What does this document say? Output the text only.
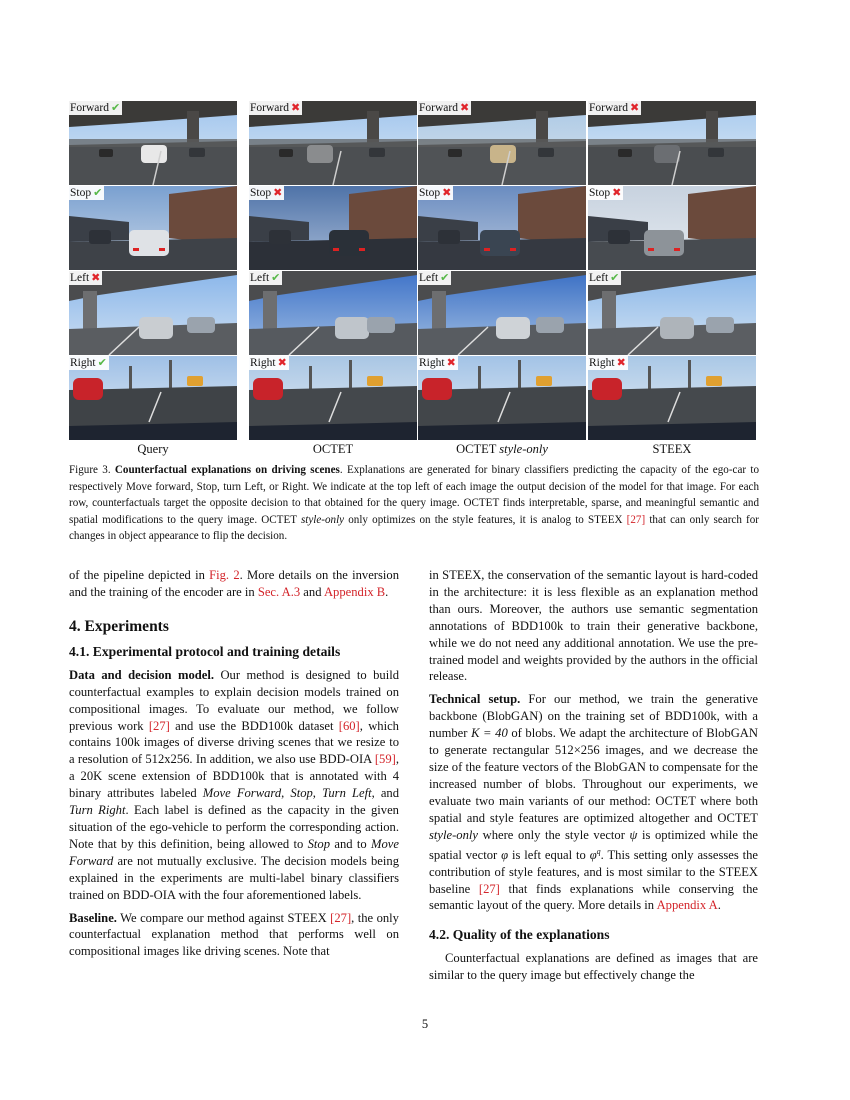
Forward ✔	Forward ✖	Forward ✖	Forward ✖
Stop ✔	Stop ✖	Stop ✖	Stop ✖
Left ✖	Left ✔	Left ✔	Left ✔
Right ✔	Right ✖	Right ✖	Right ✖
Query	OCTET	OCTET style-only	STEEX
Figure 3. Counterfactual explanations on driving scenes. Explanations are generated for binary classifiers predicting the capacity of the ego-car to respectively Move forward, Stop, turn Left, or Right. We indicate at the top left of each image the output decision of the model for that image. For each row, counterfactuals target the opposite decision to that obtained for the query image. OCTET finds interpretable, sparse, and meaningful semantic and spatial modifications to the query image. OCTET style-only only optimizes on the style features, it is analog to STEEX [27] that can only search for changes in object appearance to flip the decision.

of the pipeline depicted in Fig. 2. More details on the inversion and the training of the encoder are in Sec. A.3 and Appendix B.

4. Experiments
4.1. Experimental protocol and training details

Data and decision model. Our method is designed to build counterfactual examples to explain decision models trained on compositional images. To evaluate our method, we follow previous work [27] and use the BDD100k dataset [60], which contains 100k images of diverse driving scenes that we resize to a resolution of 512x256. In addition, we also use BDD-OIA [59], a 20K scene extension of BDD100k that is annotated with 4 binary attributes labeled Move Forward, Stop, Turn Left, and Turn Right. Each label is defined as the capacity in the given situation of the ego-vehicle to perform the corresponding action. Note that by this definition, being allowed to Stop and to Move Forward are not mutually exclusive. The decision models being explained in the experiments are multi-label binary classifiers trained on BDD-OIA with the four aforementioned labels.

Baseline. We compare our method against STEEX [27], the only counterfactual explanation method that performs well on compositional images like driving scenes. Note that

in STEEX, the conservation of the semantic layout is hard-coded in the architecture: it is less flexible as an explanation method than ours. Moreover, the authors use semantic segmentation annotations of BDD100k to train their generative backbone, while we do not need any additional annotation. We use the pre-trained model and weights provided by the authors in the official release.

Technical setup. For our method, we train the generative backbone (BlobGAN) on the training set of BDD100k, with a number K = 40 of blobs. We adapt the architecture of BlobGAN to generate rectangular 512×256 images, and we decrease the size of the feature vectors of the BlobGAN to compensate for the increased number of blobs. Throughout our experiments, we evaluate two main variants of our method: OCTET where both spatial and style features are optimized altogether and OCTET style-only where only the style vector ψ is optimized while the spatial vector φ is left equal to $\varphi^q$. This setting only assesses the contribution of style features, and is most similar to the STEEX baseline [27] that finds explanations while conserving the semantic layout of the query. More details in Appendix A.

4.2. Quality of the explanations

Counterfactual explanations are defined as images that are similar to the query image but effectively change the

5
